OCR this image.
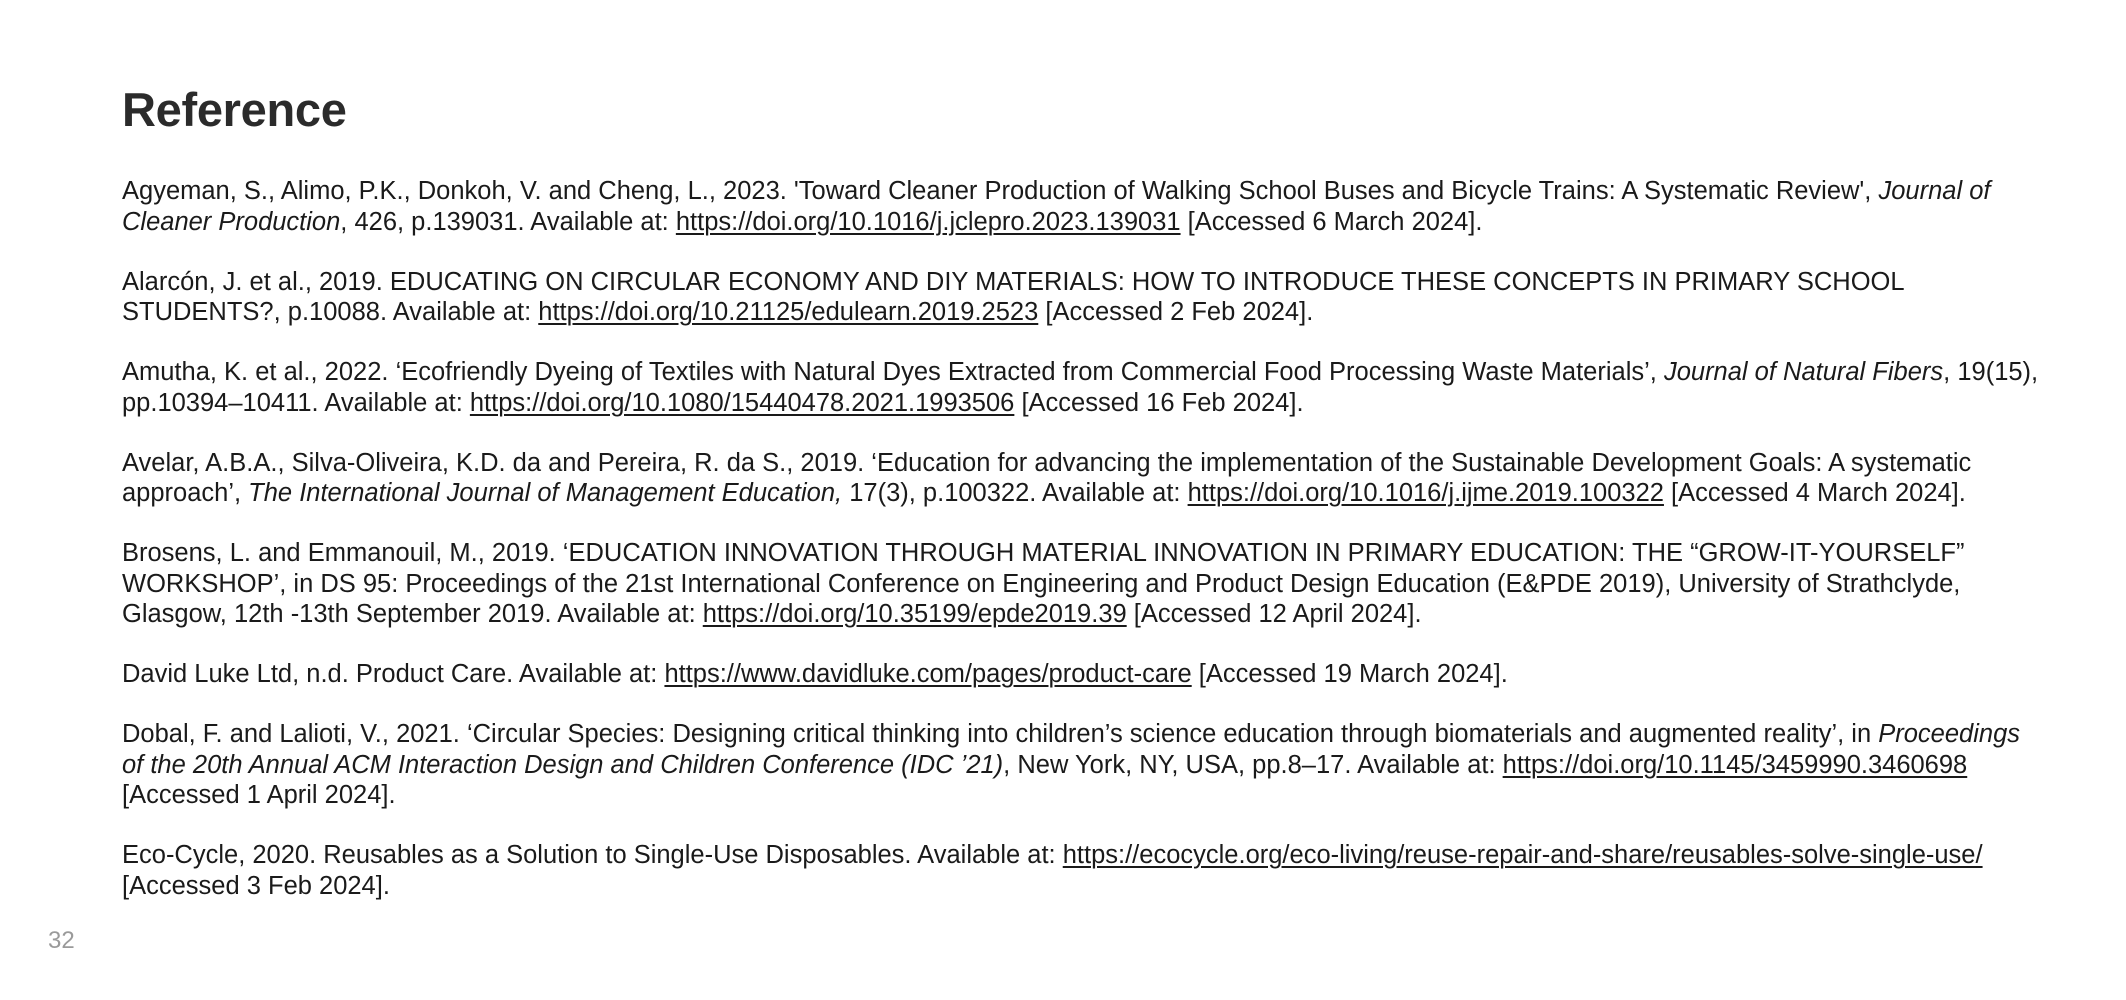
Reference
Agyeman, S., Alimo, P.K., Donkoh, V. and Cheng, L., 2023. 'Toward Cleaner Production of Walking School Buses and Bicycle Trains: A Systematic Review', Journal of Cleaner Production, 426, p.139031. Available at: https://doi.org/10.1016/j.jclepro.2023.139031 [Accessed 6 March 2024].
Alarcón, J. et al., 2019. EDUCATING ON CIRCULAR ECONOMY AND DIY MATERIALS: HOW TO INTRODUCE THESE CONCEPTS IN PRIMARY SCHOOL STUDENTS?, p.10088. Available at: https://doi.org/10.21125/edulearn.2019.2523 [Accessed 2 Feb 2024].
Amutha, K. et al., 2022. ‘Ecofriendly Dyeing of Textiles with Natural Dyes Extracted from Commercial Food Processing Waste Materials’, Journal of Natural Fibers, 19(15), pp.10394–10411. Available at: https://doi.org/10.1080/15440478.2021.1993506 [Accessed 16 Feb 2024].
Avelar, A.B.A., Silva-Oliveira, K.D. da and Pereira, R. da S., 2019. ‘Education for advancing the implementation of the Sustainable Development Goals: A systematic approach’, The International Journal of Management Education, 17(3), p.100322. Available at: https://doi.org/10.1016/j.ijme.2019.100322 [Accessed 4 March 2024].
Brosens, L. and Emmanouil, M., 2019. ‘EDUCATION INNOVATION THROUGH MATERIAL INNOVATION IN PRIMARY EDUCATION: THE “GROW-IT-YOURSELF” WORKSHOP’, in DS 95: Proceedings of the 21st International Conference on Engineering and Product Design Education (E&PDE 2019), University of Strathclyde, Glasgow, 12th -13th September 2019. Available at: https://doi.org/10.35199/epde2019.39 [Accessed 12 April 2024].
David Luke Ltd, n.d. Product Care. Available at: https://www.davidluke.com/pages/product-care [Accessed 19 March 2024].
Dobal, F. and Lalioti, V., 2021. ‘Circular Species: Designing critical thinking into children’s science education through biomaterials and augmented reality’, in Proceedings of the 20th Annual ACM Interaction Design and Children Conference (IDC ’21), New York, NY, USA, pp.8–17. Available at: https://doi.org/10.1145/3459990.3460698 [Accessed 1 April 2024].
Eco-Cycle, 2020. Reusables as a Solution to Single-Use Disposables. Available at: https://ecocycle.org/eco-living/reuse-repair-and-share/reusables-solve-single-use/ [Accessed 3 Feb 2024].
32
